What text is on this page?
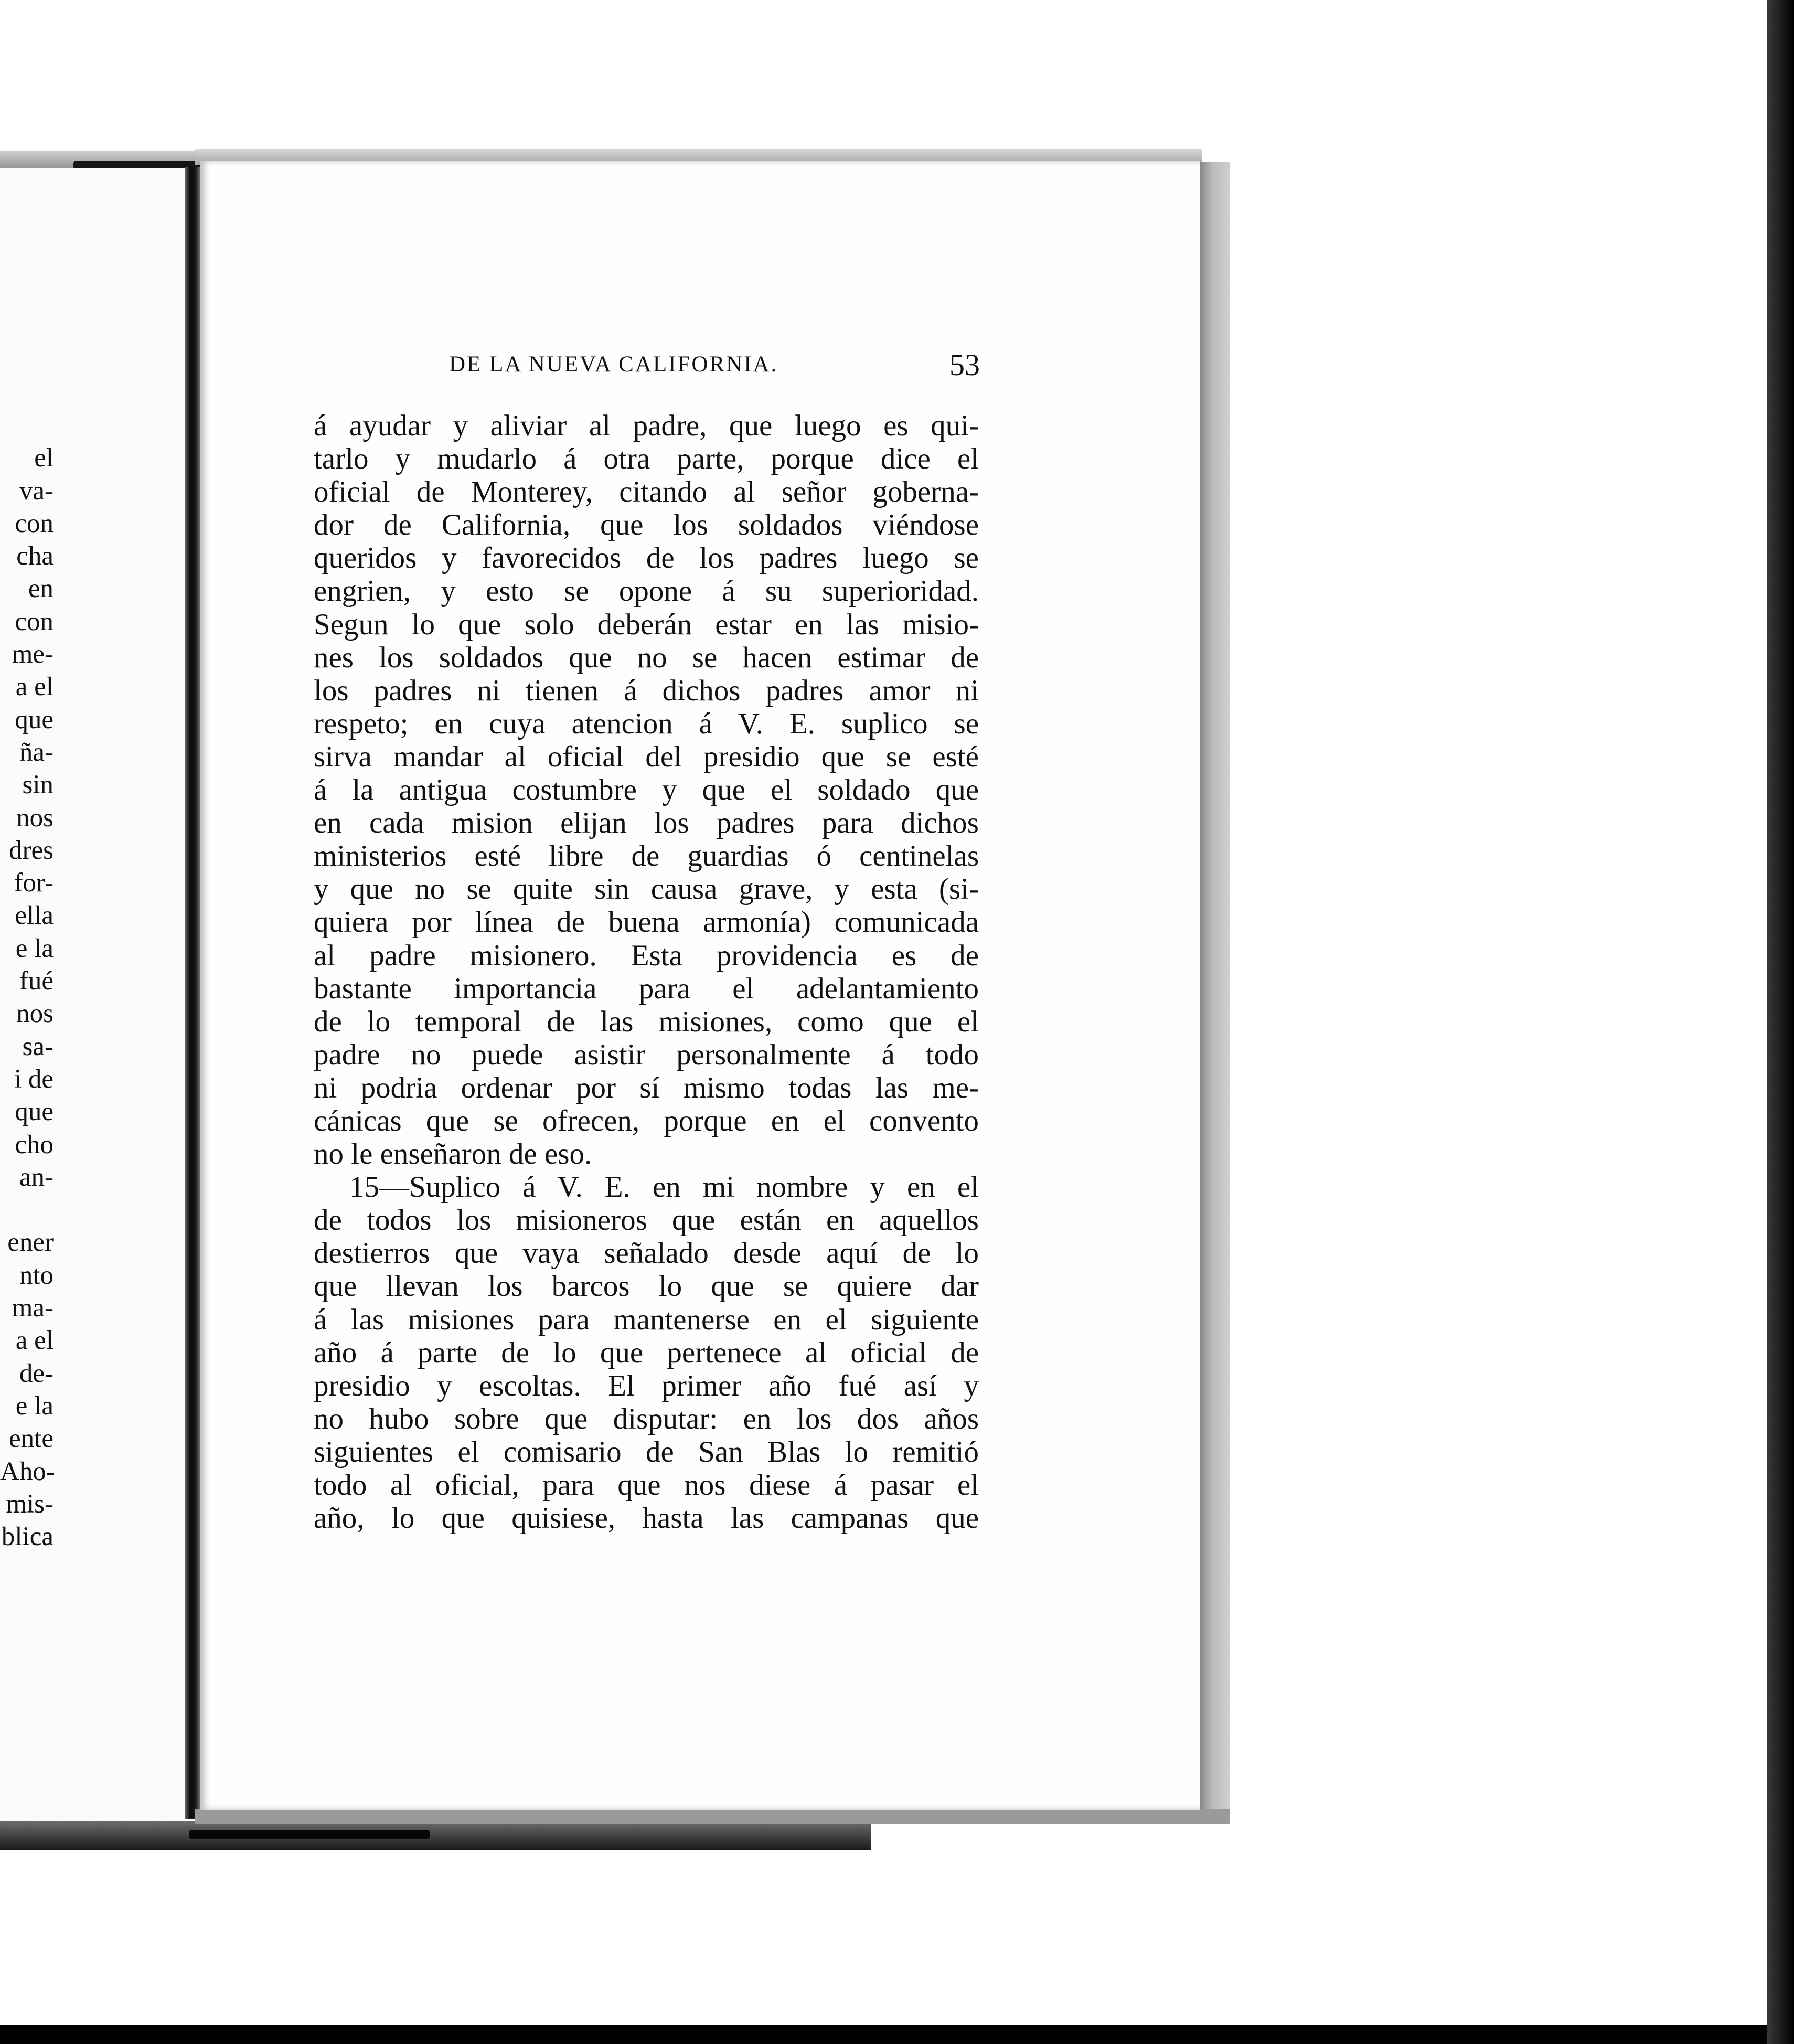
el
va-
con
cha
en
con
me-
a el
que
ña-
sin
nos
dres
for-
ella
e la
fué
nos
sa-
i de
que
cho
an-

ener
nto
ma-
a el
de-
e la
ente
Aho-
mis-
blica

DE LA NUEVA CALIFORNIA.	53
á ayudar y aliviar al padre, que luego es qui-
tarlo y mudarlo á otra parte, porque dice el
oficial de Monterey, citando al señor goberna-
dor de California, que los soldados viéndose
queridos y favorecidos de los padres luego se
engrien, y esto se opone á su superioridad.
Segun lo que solo deberán estar en las misio-
nes los soldados que no se hacen estimar de
los padres ni tienen á dichos padres amor ni
respeto; en cuya atencion á V. E. suplico se
sirva mandar al oficial del presidio que se esté
á la antigua costumbre y que el soldado que
en cada mision elijan los padres para dichos
ministerios esté libre de guardias ó centinelas
y que no se quite sin causa grave, y esta (si-
quiera por línea de buena armonía) comunicada
al padre misionero. Esta providencia es de
bastante importancia para el adelantamiento
de lo temporal de las misiones, como que el
padre no puede asistir personalmente á todo
ni podria ordenar por sí mismo todas las me-
cánicas que se ofrecen, porque en el convento
no le enseñaron de eso.
15—Suplico á V. E. en mi nombre y en el
de todos los misioneros que están en aquellos
destierros que vaya señalado desde aquí de lo
que llevan los barcos lo que se quiere dar
á las misiones para mantenerse en el siguiente
año á parte de lo que pertenece al oficial de
presidio y escoltas. El primer año fué así y
no hubo sobre que disputar: en los dos años
siguientes el comisario de San Blas lo remitió
todo al oficial, para que nos diese á pasar el
año, lo que quisiese, hasta las campanas que
